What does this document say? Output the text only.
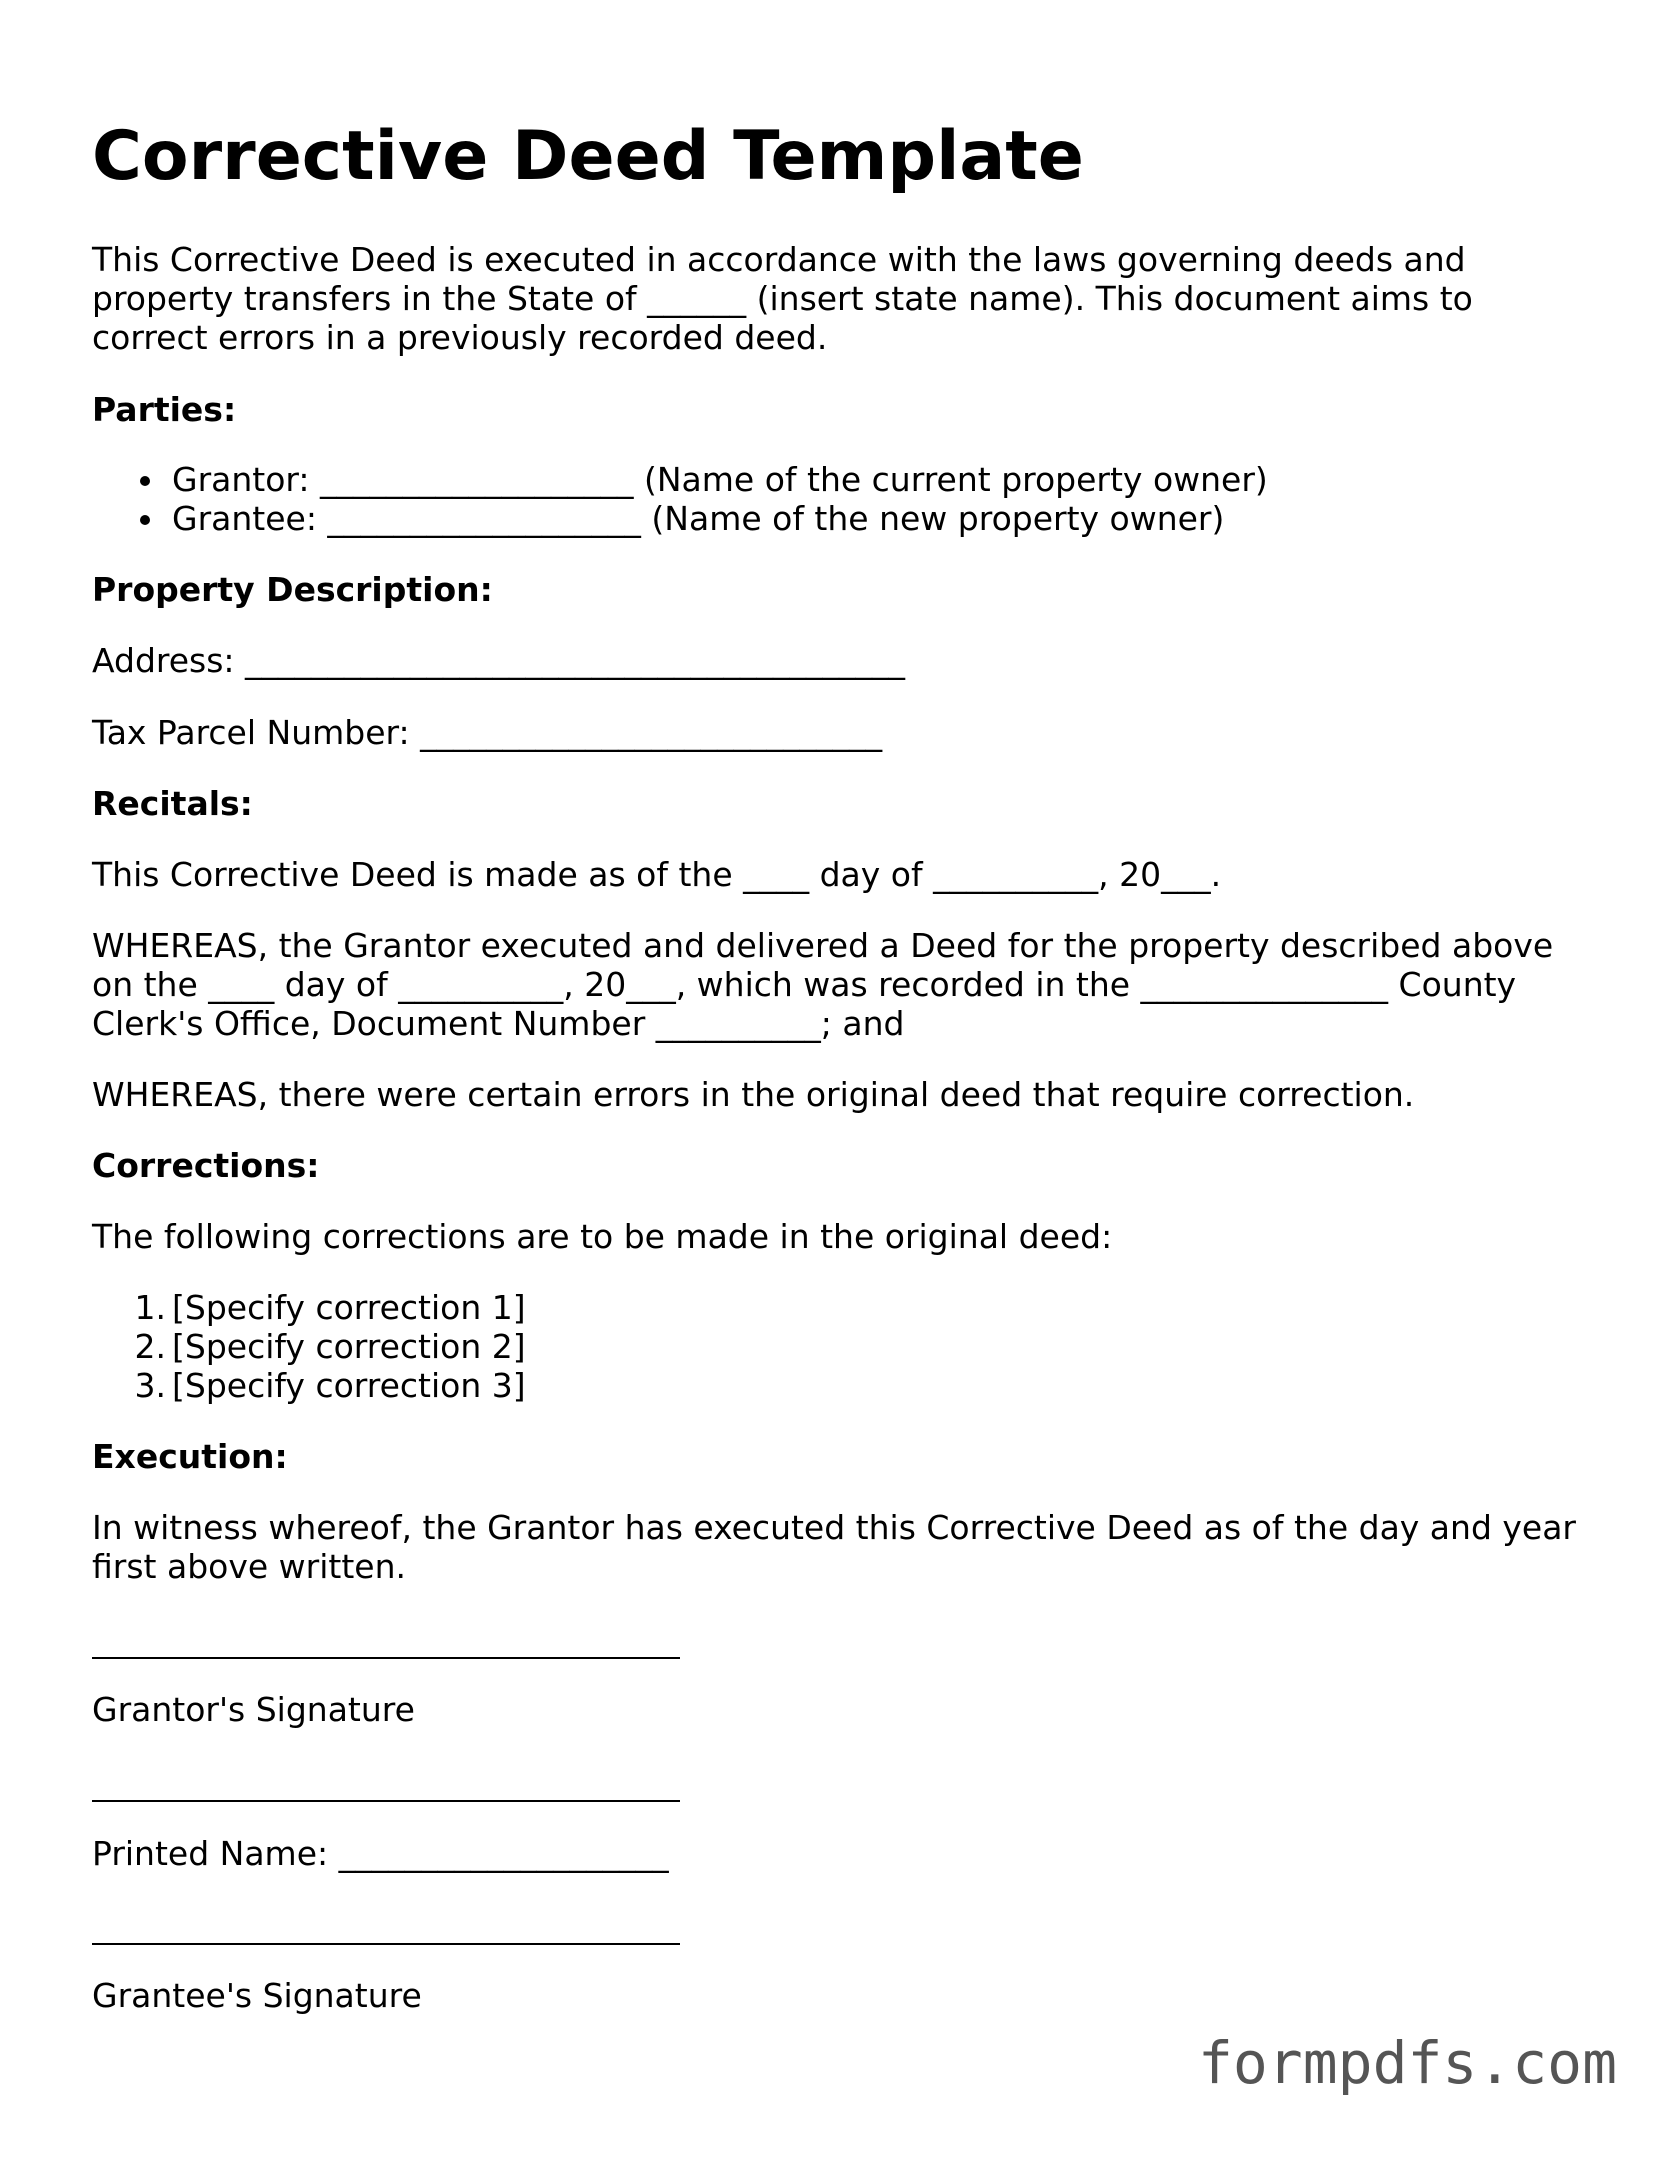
Corrective Deed Template
This Corrective Deed is executed in accordance with the laws governing deeds and
property transfers in the State of ______ (insert state name). This document aims to
correct errors in a previously recorded deed.
Parties:
Grantor: ___________________ (Name of the current property owner)
Grantee: ___________________ (Name of the new property owner)
Property Description:
Address: ________________________________________
Tax Parcel Number: ____________________________
Recitals:
This Corrective Deed is made as of the ____ day of __________, 20___.
WHEREAS, the Grantor executed and delivered a Deed for the property described above
on the ____ day of __________, 20___, which was recorded in the _______________ County
Clerk's Office, Document Number __________; and
WHEREAS, there were certain errors in the original deed that require correction.
Corrections:
The following corrections are to be made in the original deed:
1. [Specify correction 1]
2. [Specify correction 2]
3. [Specify correction 3]
Execution:
In witness whereof, the Grantor has executed this Corrective Deed as of the day and year
first above written.
Grantor's Signature
Printed Name: ____________________
Grantee's Signature
formpdfs.com
